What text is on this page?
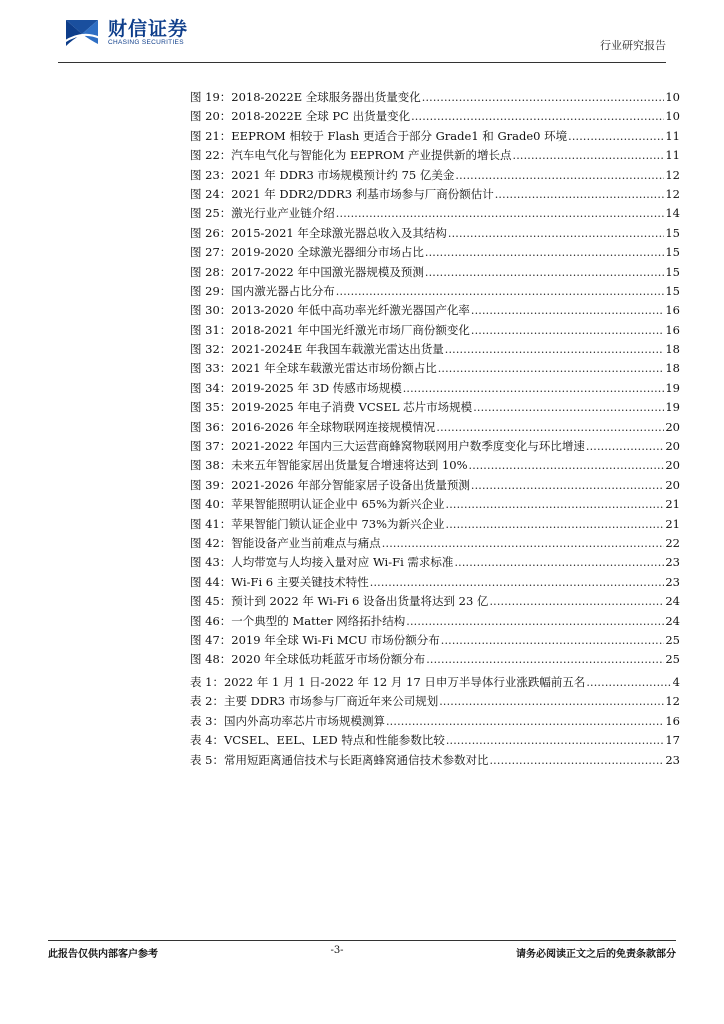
财信证券
CHASING SECURITIES	行业研究报告
图 19：2018-2022E 全球服务器出货量变化 .....	10
图 20：2018-2022E 全球 PC 出货量变化 .....	10
图 21：EEPROM 相较于 Flash 更适合于部分 Grade1 和 Grade0 环境 .....	11
图 22：汽车电气化与智能化为 EEPROM 产业提供新的增长点 .....	11
图 23：2021 年 DDR3 市场规模预计约 75 亿美金 .....	12
图 24：2021 年 DDR2/DDR3 利基市场参与厂商份额估计 .....	12
图 25：激光行业产业链介绍 .....	14
图 26：2015-2021 年全球激光器总收入及其结构 .....	15
图 27：2019-2020 全球激光器细分市场占比 .....	15
图 28：2017-2022 年中国激光器规模及预测 .....	15
图 29：国内激光器占比分布 .....	15
图 30：2013-2020 年低中高功率光纤激光器国产化率 .....	16
图 31：2018-2021 年中国光纤激光市场厂商份额变化 .....	16
图 32：2021-2024E 年我国车载激光雷达出货量 .....	18
图 33：2021 年全球车载激光雷达市场份额占比 .....	18
图 34：2019-2025 年 3D 传感市场规模 .....	19
图 35：2019-2025 年电子消费 VCSEL 芯片市场规模 .....	19
图 36：2016-2026 年全球物联网连接规模情况 .....	20
图 37：2021-2022 年国内三大运营商蜂窝物联网用户数季度变化与环比增速 .....	20
图 38：未来五年智能家居出货量复合增速将达到 10% .....	20
图 39：2021-2026 年部分智能家居子设备出货量预测 .....	20
图 40：苹果智能照明认证企业中 65%为新兴企业 .....	21
图 41：苹果智能门锁认证企业中 73%为新兴企业 .....	21
图 42：智能设备产业当前难点与痛点 .....	22
图 43：人均带宽与人均接入量对应 Wi-Fi 需求标准 .....	23
图 44：Wi-Fi 6 主要关键技术特性 .....	23
图 45：预计到 2022 年 Wi-Fi 6 设备出货量将达到 23 亿 .....	24
图 46：一个典型的 Matter 网络拓扑结构 .....	24
图 47：2019 年全球 Wi-Fi MCU 市场份额分布 .....	25
图 48：2020 年全球低功耗蓝牙市场份额分布 .....	25
表 1：2022 年 1 月 1 日-2022 年 12 月 17 日申万半导体行业涨跌幅前五名 .....	4
表 2：主要 DDR3 市场参与厂商近年来公司规划 .....	12
表 3：国内外高功率芯片市场规模测算 .....	16
表 4：VCSEL、EEL、LED 特点和性能参数比较 .....	17
表 5：常用短距离通信技术与长距离蜂窝通信技术参数对比 .....	23
此报告仅供内部客户参考	-3-	请务必阅读正文之后的免责条款部分
